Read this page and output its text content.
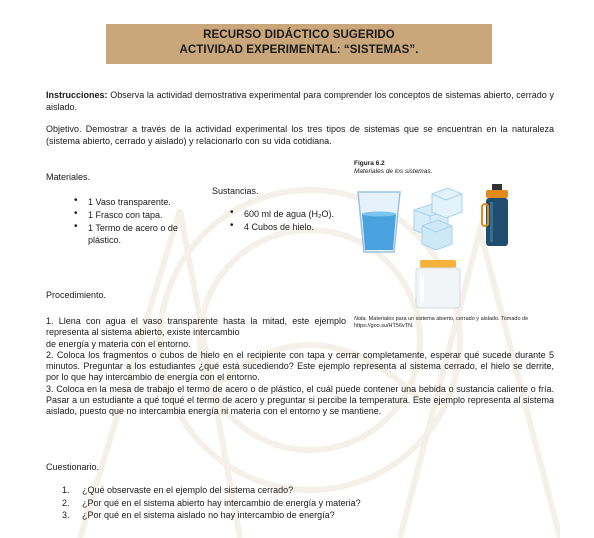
RECURSO DIDÁCTICO SUGERIDO
ACTIVIDAD EXPERIMENTAL: “SISTEMAS”.
Instrucciones: Observa la actividad demostrativa experimental para comprender los conceptos de sistemas abierto, cerrado y aislado.
Objetivo. Demostrar a través de la actividad experimental los tres tipos de sistemas que se encuentran en la naturaleza (sistema abierto, cerrado y aislado) y relacionarlo con su vida cotidiana.
Materiales.
• 1 Vaso transparente.
• 1 Frasco con tapa.
• 1 Termo de acero o de plástico.
Sustancias.
• 600 ml de agua (H₂O).
• 4 Cubos de hielo.
Figura 6.2
Materiales de los sistemas.
Procedimiento.
Nota. Materiales para un sistema abierto, cerrado y aislado. Tomado de https://goo.su/HT56vTN.

1. Llena con agua el vaso transparente hasta la mitad, este ejemplo representa al sistema abierto, existe intercambio

de energía y materia con el entorno.

2. Coloca los fragmentos o cubos de hielo en el recipiente con tapa y cerrar completamente, esperar qué sucede durante 5 minutos. Preguntar a los estudiantes ¿qué está sucediendo? Este ejemplo representa al sistema cerrado, el hielo se derrite, por lo que hay intercambio de energía con el entorno.

3. Coloca en la mesa de trabajo el termo de acero o de plástico, el cuál puede contener una bebida o sustancia caliente o fría. Pasar a un estudiante a qué toqué el termo de acero y preguntar si percibe la temperatura. Este ejemplo representa al sistema aislado, puesto que no intercambia energía ni materia con el entorno y se mantiene.

Cuestionario.
1. ¿Qué observaste en el ejemplo del sistema cerrado?
2. ¿Por qué en el sistema abierto hay intercambio de energía y materia?
3. ¿Por qué en el sistema aislado no hay intercambio de energía?
